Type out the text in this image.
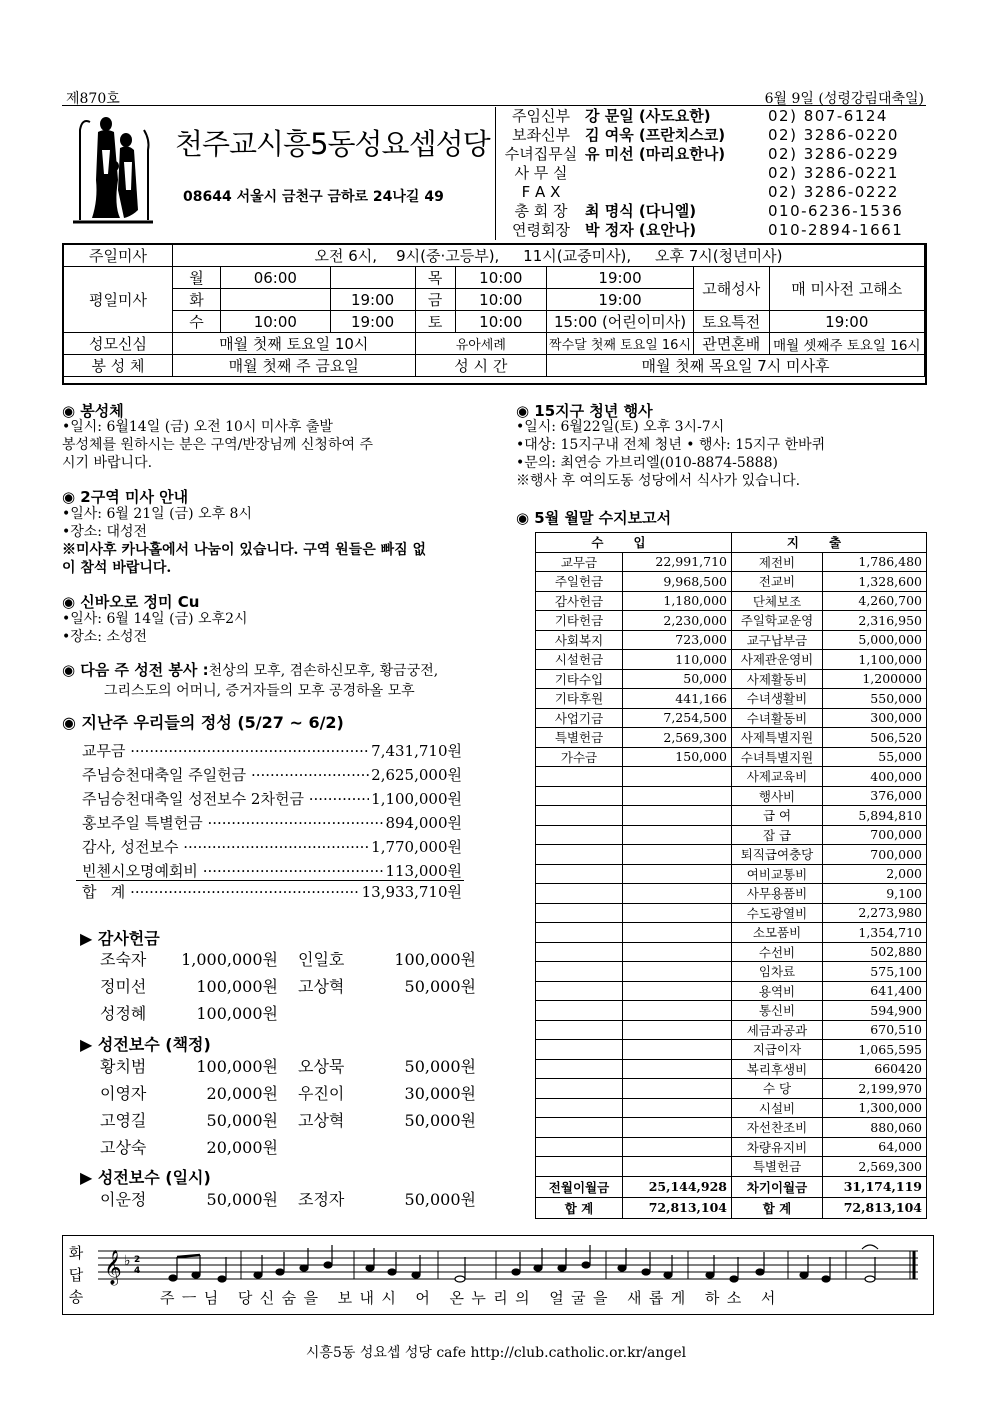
제870호	6월 9일 (성령강림대축일)
천주교시흥5동성요셉성당
08644 서울시 금천구 금하로 24나길 49
주임신부	강 문일 (사도요한)	02) 807-6124
보좌신부	김 여욱 (프란치스코)	02) 3286-0220
수녀집무실 유 미선 (마리요한나)	02) 3286-0229
사 무 실	02) 3286-0221
F A X	02) 3286-0222
총 회 장	최 명식 (다니엘)	010-6236-1536
연령회장	박 정자 (요안나)	010-2894-1661
주일미사	오전 6시,    9시(중·고등부),     11시(교중미사),     오후 7시(청년미사)							
평일미사	월	06:00		목	10:00	19:00	고해성사	매 미사전 고해소
	화		19:00	금	10:00	19:00		
	수	10:00	19:00	토	10:00	15:00 (어린이미사)	토요특전	19:00
성모신심	매월 첫째 토요일 10시			유아세례		짝수달 첫째 토요일 16시	관면혼배	매월 셋째주 토요일 16시
봉 성 체	매월 첫째 주 금요일			성 시 간		매월 첫째 목요일 7시 미사후		
◉ 봉성체
•일시: 6월14일 (금) 오전 10시 미사후 출발
봉성체를 원하시는 분은 구역/반장님께 신청하여 주
시기 바랍니다.
◉ 2구역 미사 안내
•일사: 6월 21일 (금) 오후 8시
•장소: 대성전
※미사후 카나홀에서 나눔이 있습니다. 구역 원들은 빠짐 없
이 참석 바랍니다.
◉ 신바오로 정미 Cu
•일사: 6월 14일 (금) 오후2시
•장소: 소성전
◉ 다음 주 성전 봉사 :천상의 모후, 겸손하신모후, 황금궁전,
그리스도의 어머니, 증거자들의 모후 공경하올 모후
◉ 지난주 우리들의 정성 (5/27 ~ 6/2)
교무금 ·····	7,431,710원
주님승천대축일 주일헌금 ·····	2,625,000원
주님승천대축일 성전보수 2차헌금 ·····	1,100,000원
홍보주일 특별헌금 ·····	894,000원
감사, 성전보수 ·····	1,770,000원
빈첸시오명예회비 ·····	113,000원
합   계 ·····	13,933,710원
▶ 감사헌금
조숙자	1,000,000원 인일호	100,000원
정미선	100,000원 고상혁	50,000원
성정혜	100,000원
▶ 성전보수 (책정)
황치범	100,000원 오상묵	50,000원
이영자	20,000원 우진이	30,000원
고영길	50,000원 고상혁	50,000원
고상숙	20,000원
▶ 성전보수 (일시)
이운정	50,000원 조정자	50,000원
◉ 15지구 청년 행사
•일시: 6월22일(토) 오후 3시-7시
•대상: 15지구내 전체 청년 • 행사: 15지구 한바퀴
•문의: 최연승 가브리엘(010-8874-5888)
※행사 후 여의도동 성당에서 식사가 있습니다.
◉ 5월 월말 수지보고서
수입		지출	
교무금	22,991,710	제전비	1,786,480
주일헌금	9,968,500	전교비	1,328,600
감사헌금	1,180,000	단체보조	4,260,700
기타헌금	2,230,000	주일학교운영	2,316,950
사회복지	723,000	교구납부금	5,000,000
시설헌금	110,000	사제관운영비	1,100,000
기타수입	50,000	사제활동비	1,200000
기타후원	441,166	수녀생활비	550,000
사업기금	7,254,500	수녀활동비	300,000
특별헌금	2,569,300	사제특별지원	506,520
가수금	150,000	수녀특별지원	55,000
		사제교육비	400,000
		행사비	376,000
		급 여	5,894,810
		잡 급	700,000
		퇴직급여충당	700,000
		여비교통비	2,000
		사무용품비	9,100
		수도광열비	2,273,980
		소모품비	1,354,710
		수선비	502,880
		임차료	575,100
		용역비	641,400
		통신비	594,900
		세금과공과	670,510
		지급이자	1,065,595
		복리후생비	660420
		수 당	2,199,970
		시설비	1,300,000
		자선찬조비	880,060
		차량유지비	64,000
		특별헌금	2,569,300
전월이월금	25,144,928	차기이월금	31,174,119
합 계	72,813,104	합 계	72,813,104
화답송
𝄞 ♭ 2
4
주ㅡ님 당신숨을 보내시 어 온누리의 얼굴을 새롭게 하소 서
시흥5동 성요셉 성당 cafe http://club.catholic.or.kr/angel
